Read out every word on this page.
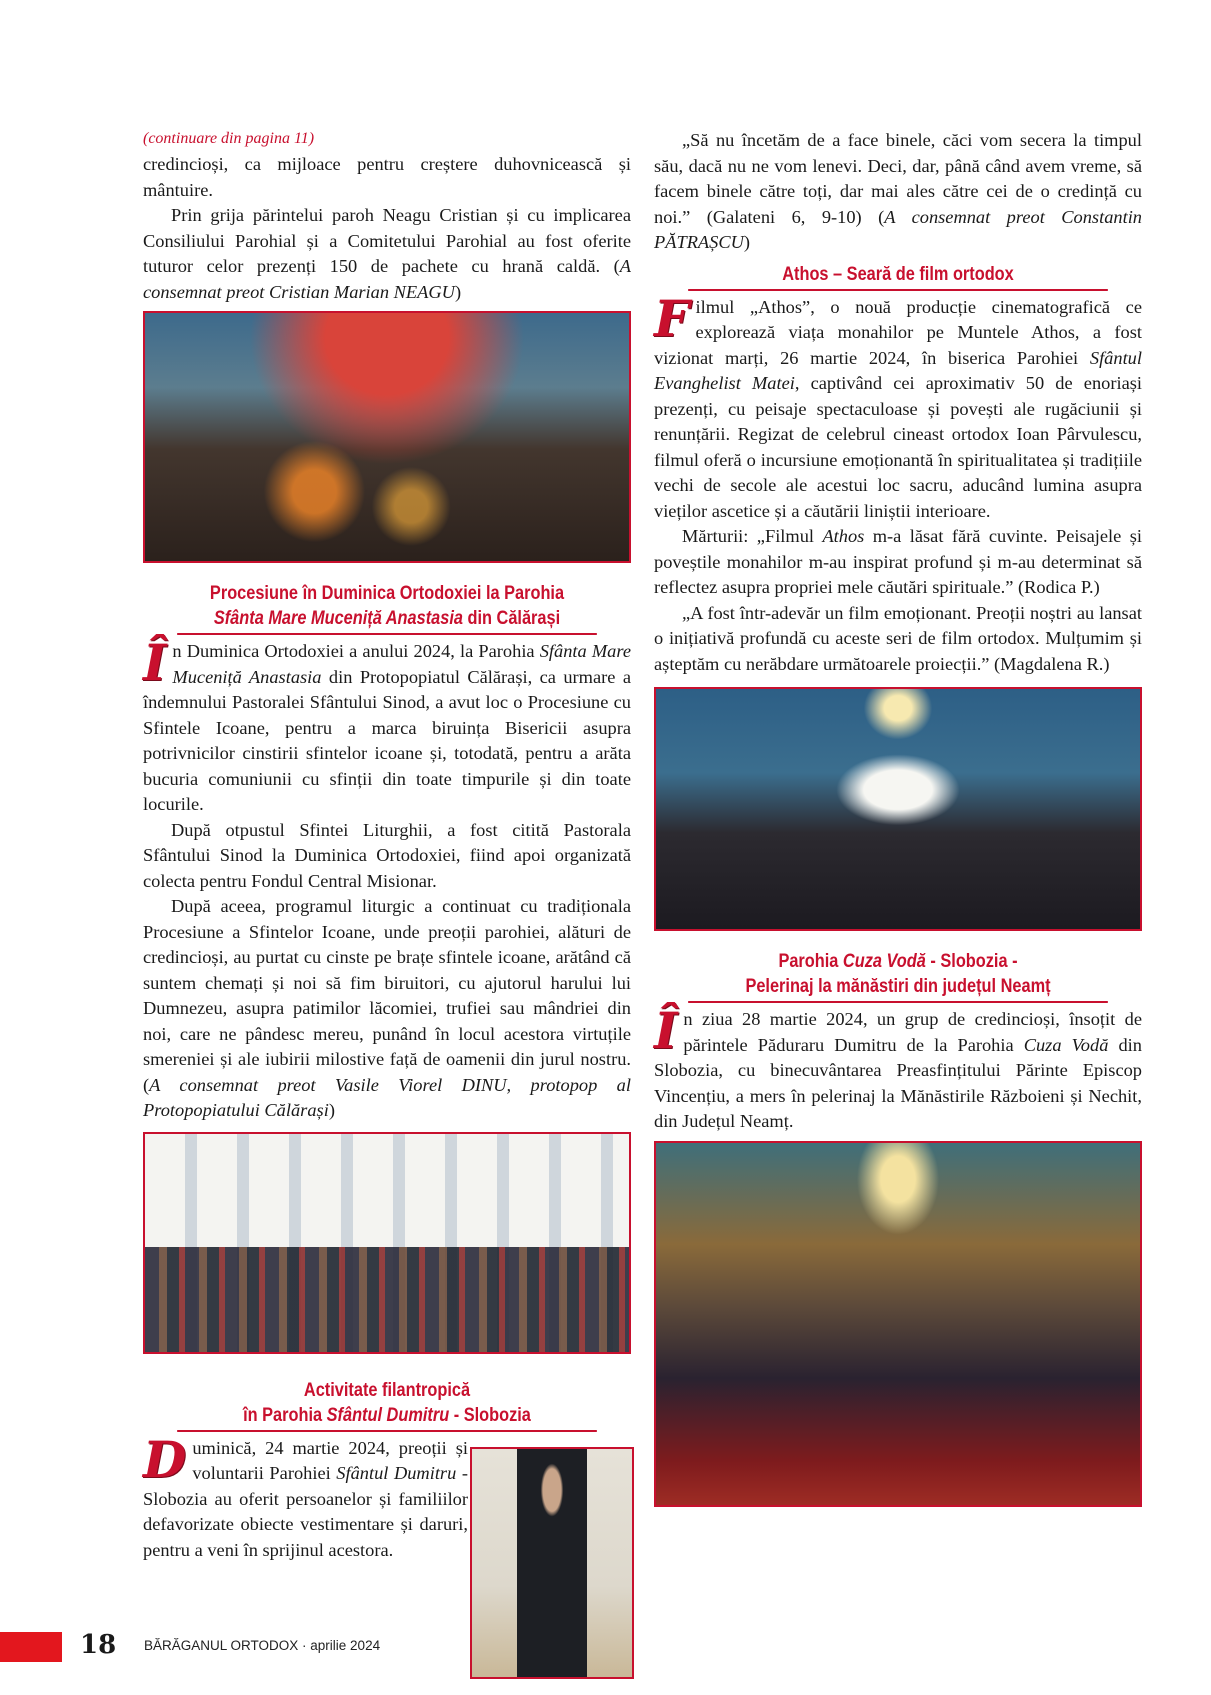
(continuare din pagina 11)

credincioși, ca mijloace pentru creștere duhovnicească și mântuire.

Prin grija părintelui paroh Neagu Cristian și cu implicarea Consiliului Parohial și a Comitetului Parohial au fost oferite tuturor celor prezenți 150 de pachete cu hrană caldă. (A consemnat preot Cristian Marian NEAGU)

Procesiune în Duminica Ortodoxiei la Parohia
Sfânta Mare Muceniță Anastasia din Călărași

În Duminica Ortodoxiei a anului 2024, la Parohia Sfânta Mare Muceniță Anastasia din Protopopiatul Călărași, ca urmare a îndemnului Pastoralei Sfântului Sinod, a avut loc o Procesiune cu Sfintele Icoane, pentru a marca biruința Bisericii asupra potrivnicilor cinstirii sfintelor icoane și, totodată, pentru a arăta bucuria comuniunii cu sfinții din toate timpurile și din toate locurile.

După otpustul Sfintei Liturghii, a fost citită Pastorala Sfântului Sinod la Duminica Ortodoxiei, fiind apoi organizată colecta pentru Fondul Central Misionar.

După aceea, programul liturgic a continuat cu tradiționala Procesiune a Sfintelor Icoane, unde preoții parohiei, alături de credincioși, au purtat cu cinste pe brațe sfintele icoane, arătând că suntem chemați și noi să fim biruitori, cu ajutorul harului lui Dumnezeu, asupra patimilor lăcomiei, trufiei sau mândriei din noi, care ne pândesc mereu, punând în locul acestora virtuțile smereniei și ale iubirii milostive față de oamenii din jurul nostru. (A consemnat preot Vasile Viorel DINU, protopop al Protopopiatului Călărași)

Activitate filantropică
în Parohia Sfântul Dumitru - Slobozia

Duminică, 24 martie 2024, preoții și voluntarii Parohiei Sfântul Dumitru - Slobozia au oferit persoanelor și familiilor defavorizate obiecte vestimentare și daruri, pentru a veni în sprijinul acestora.

„Să nu încetăm de a face binele, căci vom secera la timpul său, dacă nu ne vom lenevi. Deci, dar, până când avem vreme, să facem binele către toți, dar mai ales către cei de o credință cu noi.” (Galateni 6, 9-10) (A consemnat preot Constantin PĂTRAȘCU)

Athos – Seară de film ortodox

Filmul „Athos”, o nouă producție cinematografică ce explorează viața monahilor pe Muntele Athos, a fost vizionat marți, 26 martie 2024, în biserica Parohiei Sfântul Evanghelist Matei, captivând cei aproximativ 50 de enoriași prezenți, cu peisaje spectaculoase și povești ale rugăciunii și renunțării. Regizat de celebrul cineast ortodox Ioan Pârvulescu, filmul oferă o incursiune emoționantă în spiritualitatea și tradițiile vechi de secole ale acestui loc sacru, aducând lumina asupra vieților ascetice și a căutării liniștii interioare.

Mărturii: „Filmul Athos m-a lăsat fără cuvinte. Peisajele și poveștile monahilor m-au inspirat profund și m-au determinat să reflectez asupra propriei mele căutări spirituale.” (Rodica P.)

„A fost într-adevăr un film emoționant. Preoții noștri au lansat o inițiativă profundă cu aceste seri de film ortodox. Mulțumim și așteptăm cu nerăbdare următoarele proiecții.” (Magdalena R.)

Parohia Cuza Vodă - Slobozia -
Pelerinaj la mănăstiri din județul Neamț

În ziua 28 martie 2024, un grup de credincioși, însoțit de părintele Păduraru Dumitru de la Parohia Cuza Vodă din Slobozia, cu binecuvântarea Preasfințitului Părinte Episcop Vincențiu, a mers în pelerinaj la Mănăstirile Războieni și Nechit, din Județul Neamț.

18 BĂRĂGANUL ORTODOX · aprilie 2024
